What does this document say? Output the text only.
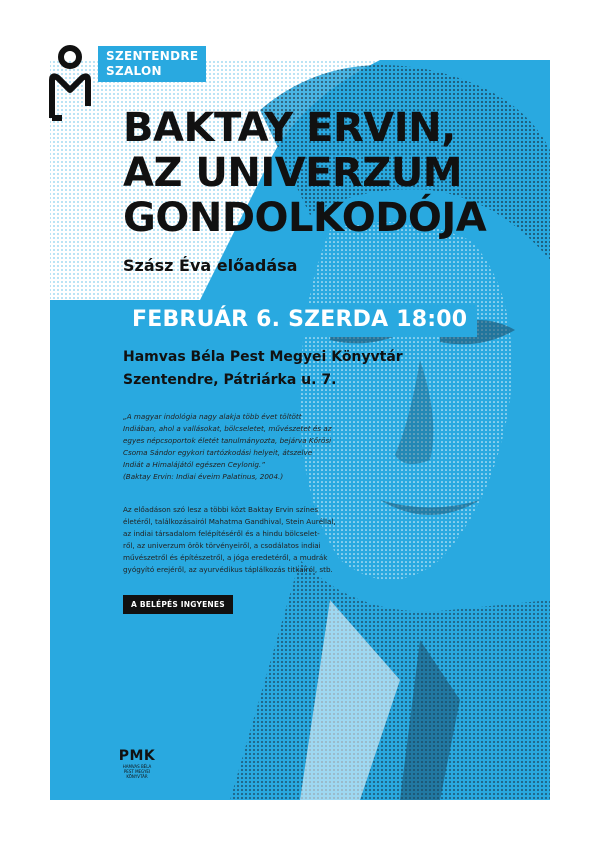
SZENTENDRE
SZALON
BAKTAY ERVIN,
AZ UNIVERZUM
GONDOLKODÓJA
Szász Éva előadása
FEBRUÁR 6. SZERDA 18:00
Hamvas Béla Pest Megyei Könyvtár
Szentendre, Pátriárka u. 7.
„A magyar indológia nagy alakja több évet töltött
Indiában, ahol a vallásokat, bölcseletet, művészetet és az
egyes népcsoportok életét tanulmányozta, bejárva Kőrösi
Csoma Sándor egykori tartózkodási helyeit, átszelve
Indiát a Himalájától egészen Ceylonig.”
(Baktay Ervin: Indiai éveim Palatinus, 2004.)
Az előadáson szó lesz a többi közt Baktay Ervin színes
életéről, találkozásairól Mahatma Gandhival, Stein Auréllal,
az indiai társadalom felépítéséről és a hindu bölcselet-
ről, az univerzum örök törvényeiről, a csodálatos indiai
művészetről és építészetről, a jóga eredetéről, a mudrák
gyógyító erejéről, az ayurvédikus táplálkozás titkairól, stb.
A BELÉPÉS INGYENES
PMK
HAMVAS BÉLA
PEST MEGYEI
KÖNYVTÁR
